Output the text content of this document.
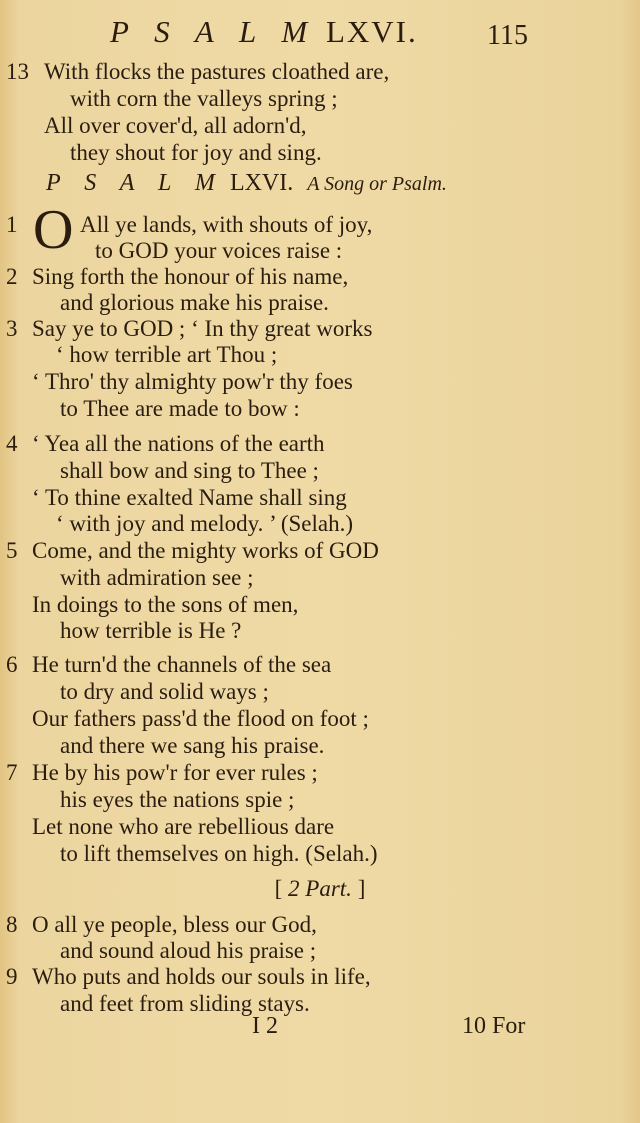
P S A L M LXVI. 115
13 With flocks the pastures cloathed are,
with corn the valleys spring ;
All over cover'd, all adorn'd,
they shout for joy and sing.
P S A L M LXVI. A Song or Psalm.
O
1	All ye lands, with shouts of joy,
to GOD your voices raise :
2 Sing forth the honour of his name,
and glorious make his praise.
3 Say ye to GOD ; ‘ In thy great works
‘ how terrible art Thou ;
‘ Thro' thy almighty pow'r thy foes
to Thee are made to bow :
4 ‘ Yea all the nations of the earth
shall bow and sing to Thee ;
‘ To thine exalted Name shall sing
‘ with joy and melody. ’ (Selah.)
5 Come, and the mighty works of GOD
with admiration see ;
In doings to the sons of men,
how terrible is He ?
6 He turn'd the channels of the sea
to dry and solid ways ;
Our fathers pass'd the flood on foot ;
and there we sang his praise.
7 He by his pow'r for ever rules ;
his eyes the nations spie ;
Let none who are rebellious dare
to lift themselves on high. (Selah.)
[ 2 Part. ]
8 O all ye people, bless our God,
and sound aloud his praise ;
9 Who puts and holds our souls in life,
and feet from sliding stays.
I 2	10 For
